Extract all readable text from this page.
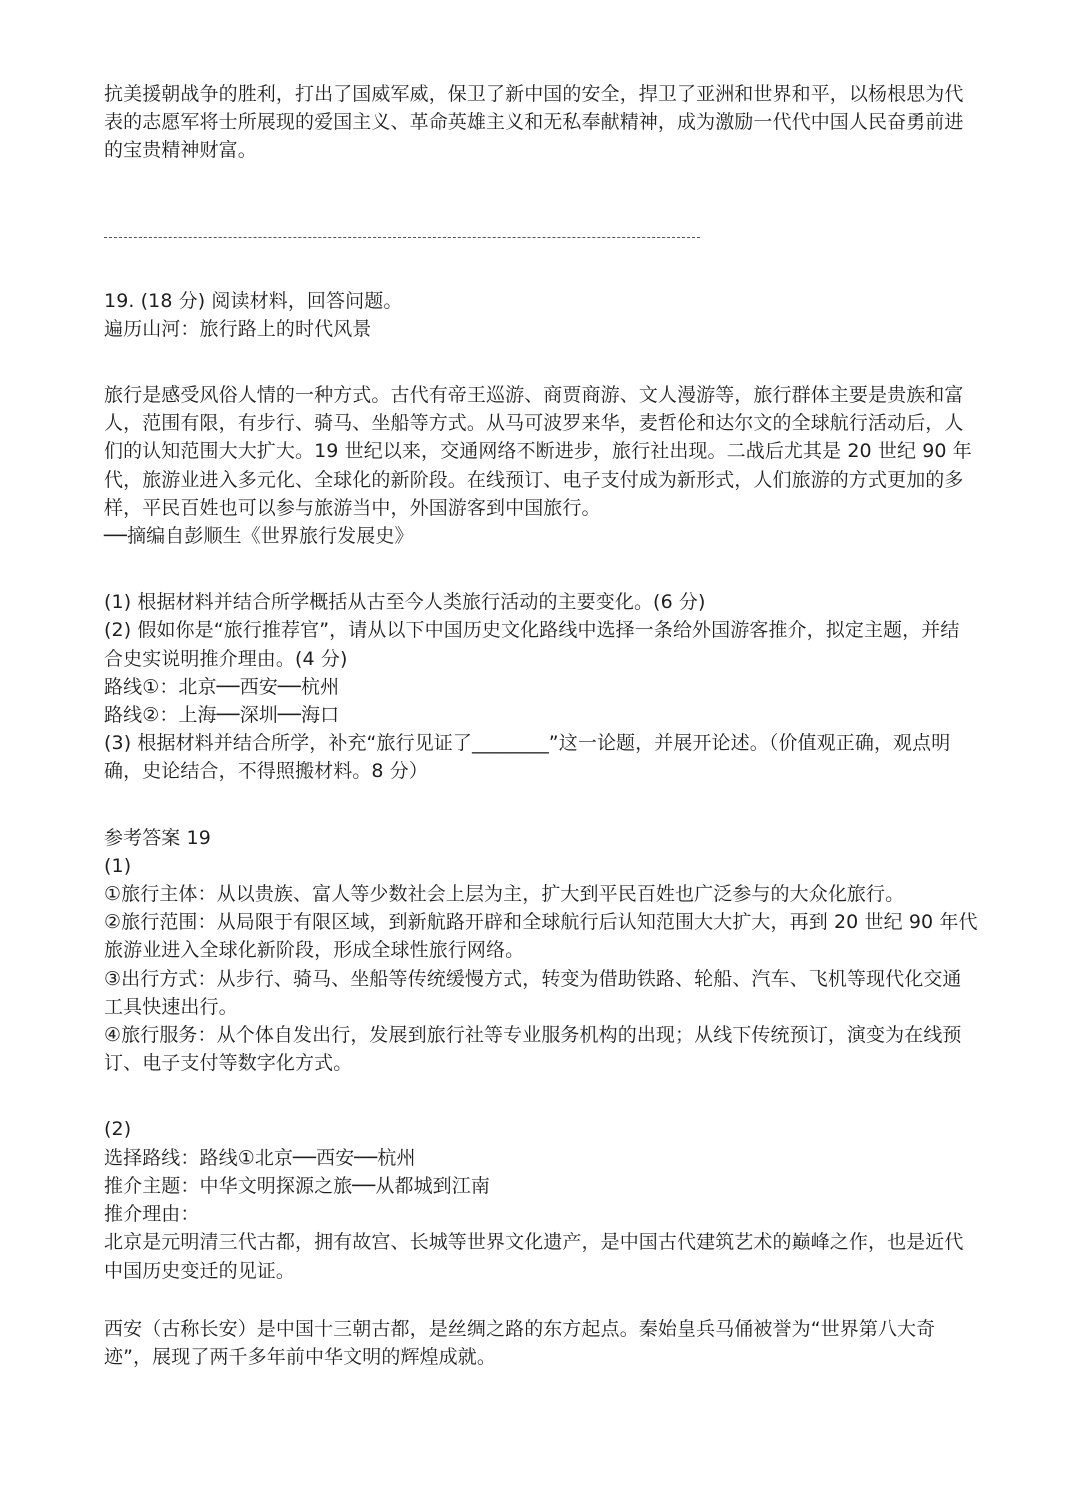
抗美援朝战争的胜利，打出了国威军威，保卫了新中国的安全，捍卫了亚洲和世界和平，以杨根思为代
表的志愿军将士所展现的爱国主义、革命英雄主义和无私奉献精神，成为激励一代代中国人民奋勇前进
的宝贵精神财富。
19. (18 分) 阅读材料，回答问题。
遍历山河：旅行路上的时代风景
旅行是感受风俗人情的一种方式。古代有帝王巡游、商贾商游、文人漫游等，旅行群体主要是贵族和富
人，范围有限，有步行、骑马、坐船等方式。从马可波罗来华，麦哲伦和达尔文的全球航行活动后，人
们的认知范围大大扩大。19 世纪以来，交通网络不断进步，旅行社出现。二战后尤其是 20 世纪 90 年
代，旅游业进入多元化、全球化的新阶段。在线预订、电子支付成为新形式，人们旅游的方式更加的多
样，平民百姓也可以参与旅游当中，外国游客到中国旅行。
──摘编自彭顺生《世界旅行发展史》
(1) 根据材料并结合所学概括从古至今人类旅行活动的主要变化。(6 分)
(2) 假如你是“旅行推荐官”，请从以下中国历史文化路线中选择一条给外国游客推介，拟定主题，并结
合史实说明推介理由。(4 分)
路线①：北京──西安──杭州
路线②：上海──深圳──海口
(3) 根据材料并结合所学，补充“旅行见证了________”这一论题，并展开论述。（价值观正确，观点明
确，史论结合，不得照搬材料。8 分）
参考答案 19
(1)
①旅行主体：从以贵族、富人等少数社会上层为主，扩大到平民百姓也广泛参与的大众化旅行。
②旅行范围：从局限于有限区域，到新航路开辟和全球航行后认知范围大大扩大，再到 20 世纪 90 年代
旅游业进入全球化新阶段，形成全球性旅行网络。
③出行方式：从步行、骑马、坐船等传统缓慢方式，转变为借助铁路、轮船、汽车、飞机等现代化交通
工具快速出行。
④旅行服务：从个体自发出行，发展到旅行社等专业服务机构的出现；从线下传统预订，演变为在线预
订、电子支付等数字化方式。
(2)
选择路线：路线①北京──西安──杭州
推介主题：中华文明探源之旅──从都城到江南
推介理由：
北京是元明清三代古都，拥有故宫、长城等世界文化遗产，是中国古代建筑艺术的巅峰之作，也是近代
中国历史变迁的见证。
西安（古称长安）是中国十三朝古都，是丝绸之路的东方起点。秦始皇兵马俑被誉为“世界第八大奇
迹”，展现了两千多年前中华文明的辉煌成就。
